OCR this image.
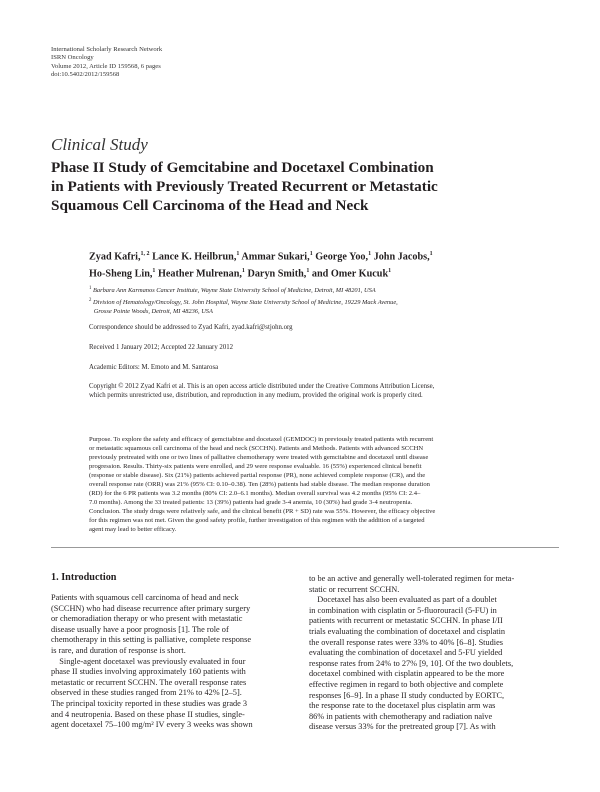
International Scholarly Research Network
ISRN Oncology
Volume 2012, Article ID 159568, 6 pages
doi:10.5402/2012/159568
Clinical Study
Phase II Study of Gemcitabine and Docetaxel Combination
in Patients with Previously Treated Recurrent or Metastatic
Squamous Cell Carcinoma of the Head and Neck
Zyad Kafri,$^{1, 2}$ Lance K. Heilbrun,$^1$ Ammar Sukari,$^1$ George Yoo,$^1$ John Jacobs,$^1$
Ho-Sheng Lin,$^1$ Heather Mulrenan,$^1$ Daryn Smith,$^1$ and Omer Kucuk$^1$
$^1$ Barbara Ann Karmanos Cancer Institute, Wayne State University School of Medicine, Detroit, MI 48201, USA
$^2$ Division of Hematology/Oncology, St. John Hospital, Wayne State University School of Medicine, 19229 Mack Avenue,
Grosse Pointe Woods, Detroit, MI 48236, USA
Correspondence should be addressed to Zyad Kafri, zyad.kafri@stjohn.org
Received 1 January 2012; Accepted 22 January 2012
Academic Editors: M. Emoto and M. Santarosa
Copyright © 2012 Zyad Kafri et al. This is an open access article distributed under the Creative Commons Attribution License,
which permits unrestricted use, distribution, and reproduction in any medium, provided the original work is properly cited.
Purpose. To explore the safety and efficacy of gemcitabine and docetaxel (GEMDOC) in previously treated patients with recurrent
or metastatic squamous cell carcinoma of the head and neck (SCCHN). Patients and Methods. Patients with advanced SCCHN
previously pretreated with one or two lines of palliative chemotherapy were treated with gemcitabine and docetaxel until disease
progression. Results. Thirty-six patients were enrolled, and 29 were response evaluable. 16 (55%) experienced clinical benefit
(response or stable disease). Six (21%) patients achieved partial response (PR), none achieved complete response (CR), and the
overall response rate (ORR) was 21% (95% CI: 0.10–0.38). Ten (28%) patients had stable disease. The median response duration
(RD) for the 6 PR patients was 3.2 months (80% CI: 2.0–6.1 months). Median overall survival was 4.2 months (95% CI: 2.4–
7.0 months). Among the 33 treated patients: 13 (39%) patients had grade 3-4 anemia, 10 (30%) had grade 3-4 neutropenia.
Conclusion. The study drugs were relatively safe, and the clinical benefit (PR + SD) rate was 55%. However, the efficacy objective
for this regimen was not met. Given the good safety profile, further investigation of this regimen with the addition of a targeted
agent may lead to better efficacy.
1. Introduction
Patients with squamous cell carcinoma of head and neck
(SCCHN) who had disease recurrence after primary surgery
or chemoradiation therapy or who present with metastatic
disease usually have a poor prognosis [1]. The role of
chemotherapy in this setting is palliative, complete response
is rare, and duration of response is short.
Single-agent docetaxel was previously evaluated in four
phase II studies involving approximately 160 patients with
metastatic or recurrent SCCHN. The overall response rates
observed in these studies ranged from 21% to 42% [2–5].
The principal toxicity reported in these studies was grade 3
and 4 neutropenia. Based on these phase II studies, single-
agent docetaxel 75–100 mg/m² IV every 3 weeks was shown
to be an active and generally well-tolerated regimen for meta-
static or recurrent SCCHN.
Docetaxel has also been evaluated as part of a doublet
in combination with cisplatin or 5-fluorouracil (5-FU) in
patients with recurrent or metastatic SCCHN. In phase I/II
trials evaluating the combination of docetaxel and cisplatin
the overall response rates were 33% to 40% [6–8]. Studies
evaluating the combination of docetaxel and 5-FU yielded
response rates from 24% to 27% [9, 10]. Of the two doublets,
docetaxel combined with cisplatin appeared to be the more
effective regimen in regard to both objective and complete
responses [6–9]. In a phase II study conducted by EORTC,
the response rate to the docetaxel plus cisplatin arm was
86% in patients with chemotherapy and radiation naïve
disease versus 33% for the pretreated group [7]. As with
